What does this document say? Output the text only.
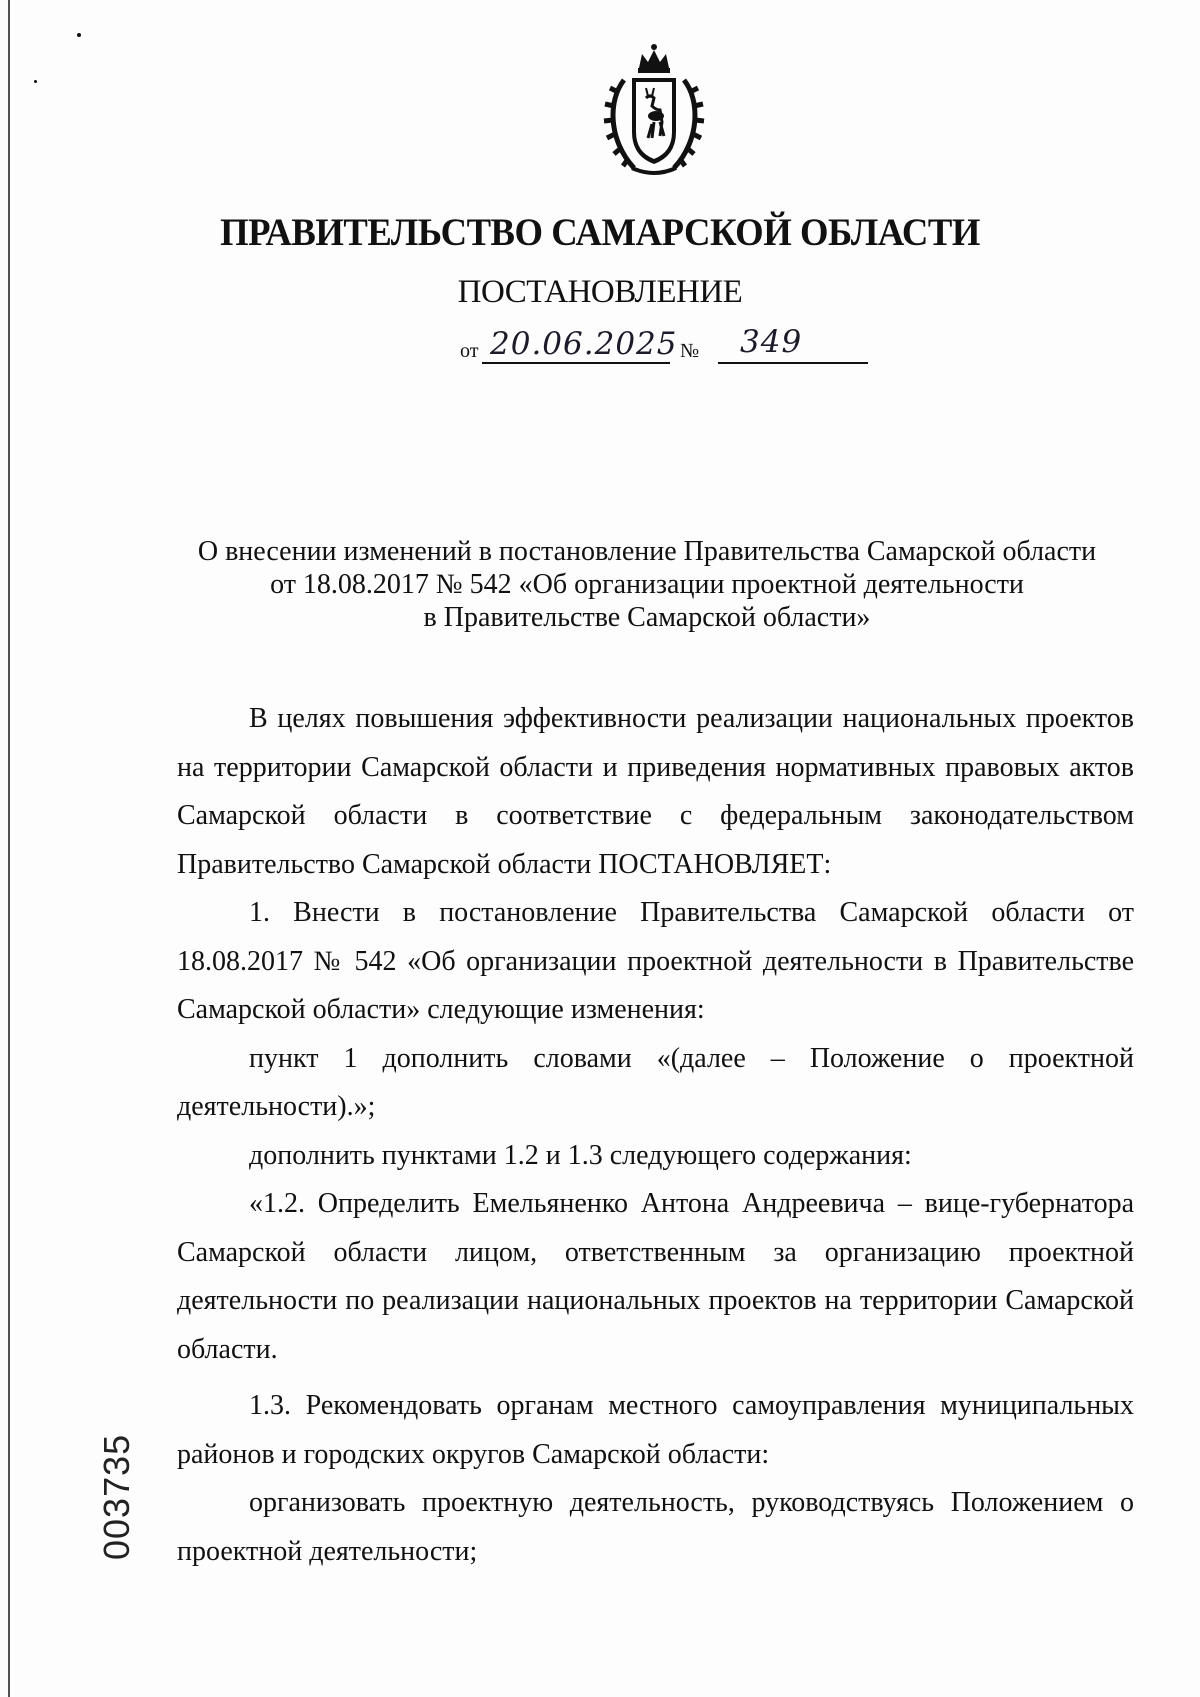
ПРАВИТЕЛЬСТВО САМАРСКОЙ ОБЛАСТИ
ПОСТАНОВЛЕНИЕ
от 20.06.2025 № 349
О внесении изменений в постановление Правительства Самарской области
от 18.08.2017 № 542 «Об организации проектной деятельности
в Правительстве Самарской области»

В целях повышения эффективности реализации национальных проектов на территории Самарской области и приведения нормативных правовых актов Самарской области в соответствие с федеральным законодательством Правительство Самарской области ПОСТАНОВЛЯЕТ:

1. Внести в постановление Правительства Самарской области от 18.08.2017 № 542 «Об организации проектной деятельности в Правительстве Самарской области» следующие изменения:

пункт 1 дополнить словами «(далее – Положение о проектной деятельности).»;

дополнить пунктами 1.2 и 1.3 следующего содержания:

«1.2. Определить Емельяненко Антона Андреевича – вице-губернатора Самарской области лицом, ответственным за организацию проектной деятельности по реализации национальных проектов на территории Самарской области.

1.3. Рекомендовать органам местного самоуправления муниципальных районов и городских округов Самарской области:

организовать проектную деятельность, руководствуясь Положением о проектной деятельности;

003735
